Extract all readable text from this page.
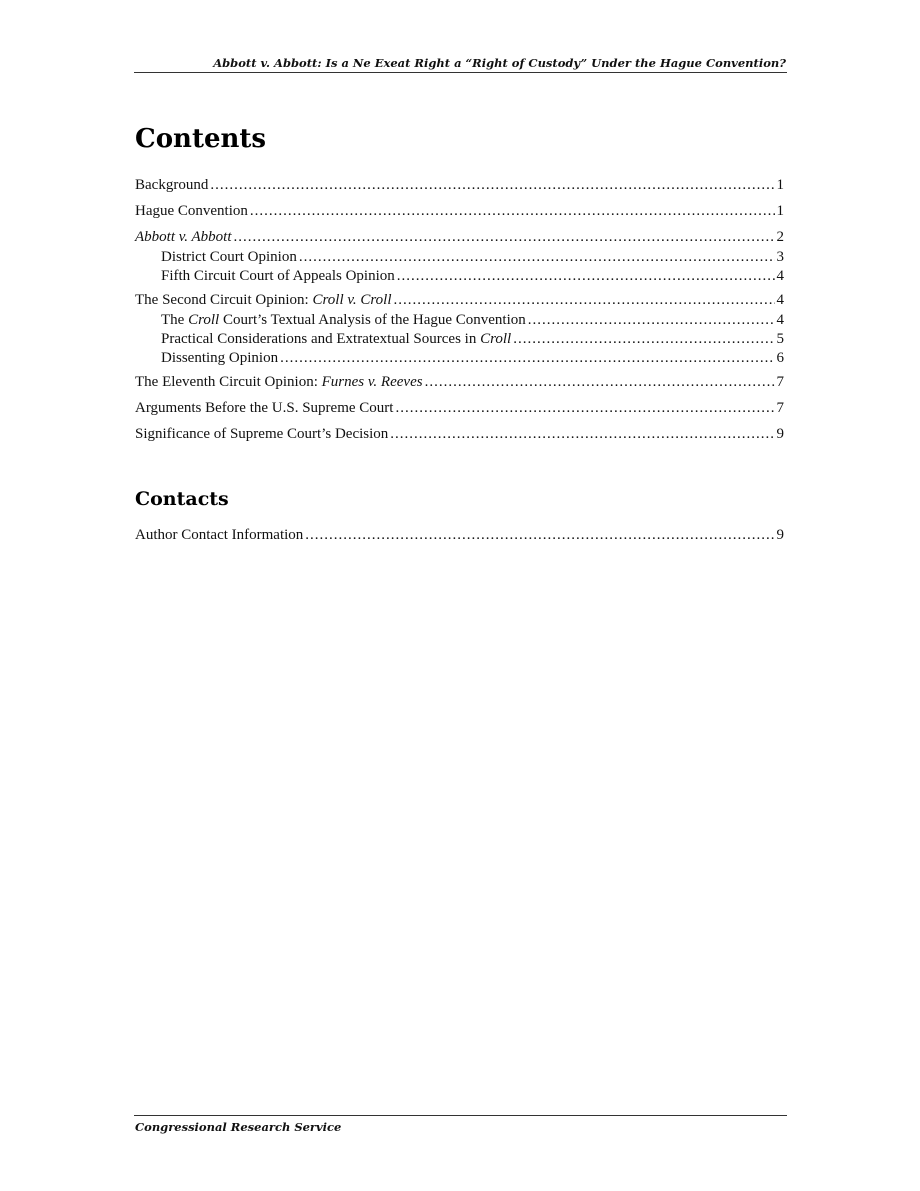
Abbott v. Abbott: Is a Ne Exeat Right a “Right of Custody” Under the Hague Convention?
Contents
Background .....	1
Hague Convention .....	1
Abbott v. Abbott .....	2
District Court Opinion .....	3
Fifth Circuit Court of Appeals Opinion .....	4
The Second Circuit Opinion: Croll v. Croll .....	4
The Croll Court’s Textual Analysis of the Hague Convention .....	4
Practical Considerations and Extratextual Sources in Croll .....	5
Dissenting Opinion .....	6
The Eleventh Circuit Opinion: Furnes v. Reeves .....	7
Arguments Before the U.S. Supreme Court .....	7
Significance of Supreme Court’s Decision .....	9
Contacts
Author Contact Information .....	9
Congressional Research Service
